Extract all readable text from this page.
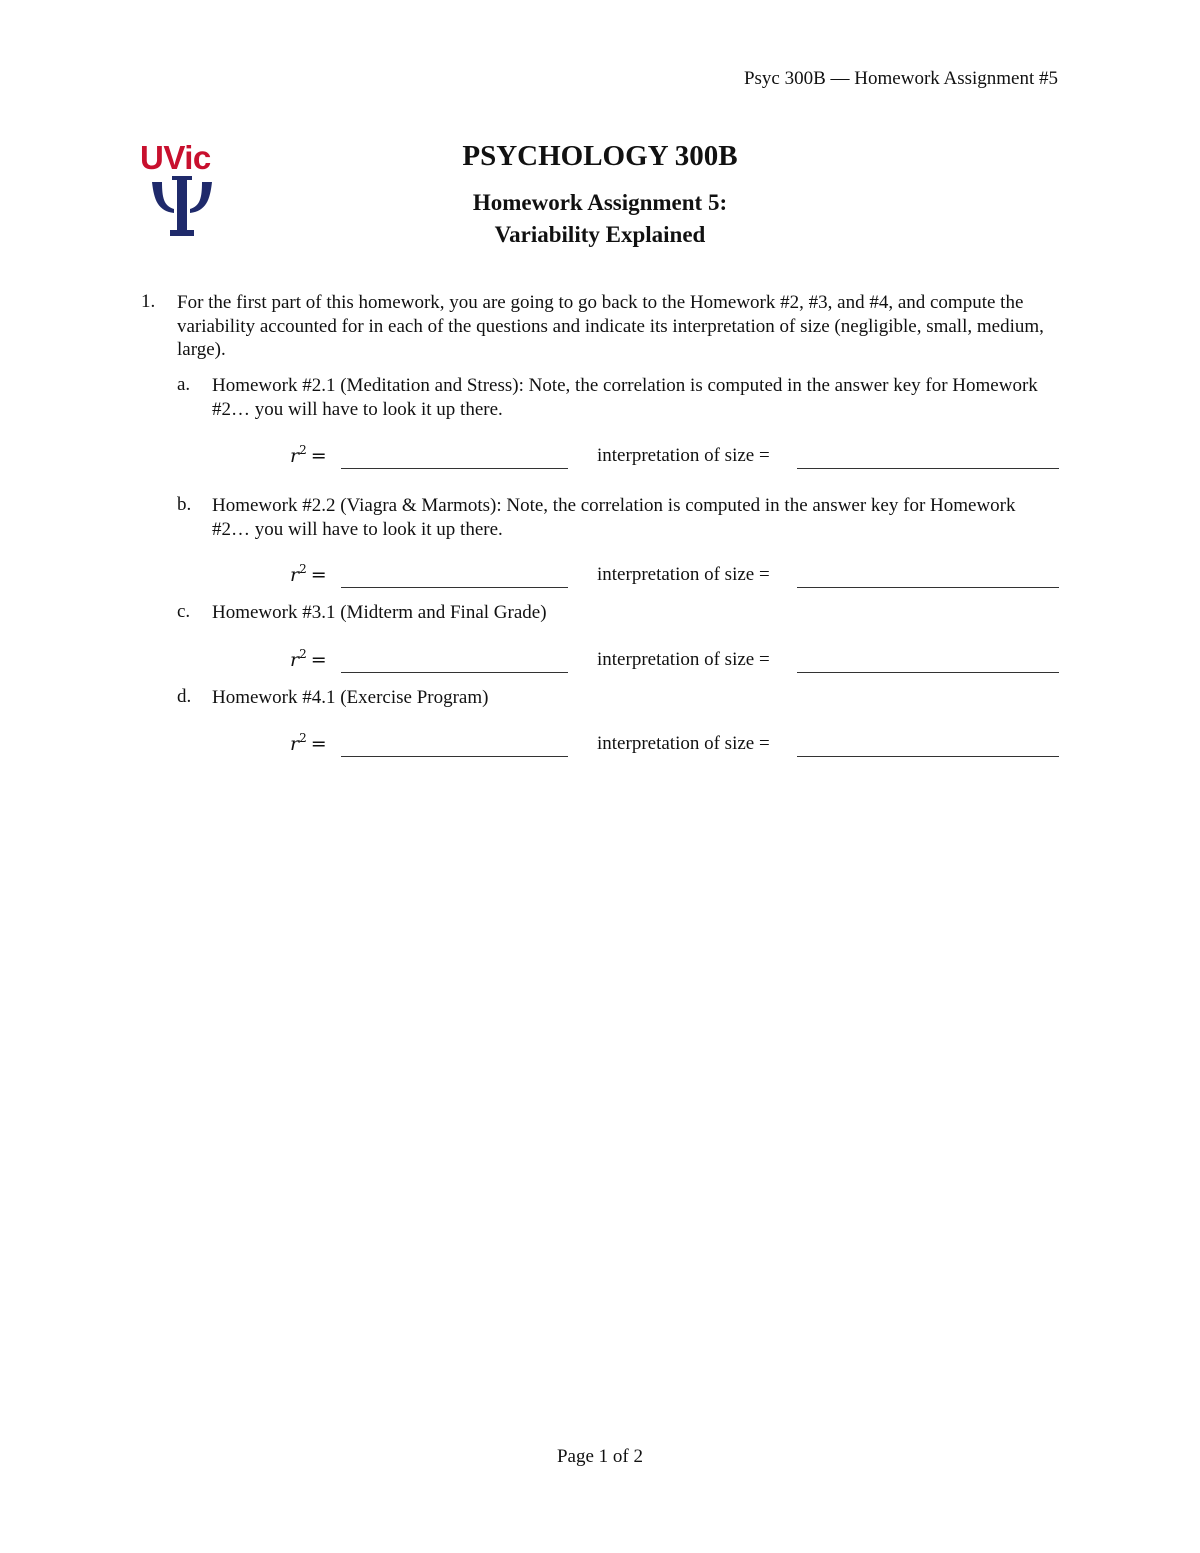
Psyc 300B — Homework Assignment #5
UVic	PSYCHOLOGY 300B
Homework Assignment 5:
Variability Explained
1. For the first part of this homework, you are going to go back to the Homework #2, #3, and #4, and compute the variability accounted for in each of the questions and indicate its interpretation of size (negligible, small, medium, large).
a. Homework #2.1 (Meditation and Stress): Note, the correlation is computed in the answer key for Homework #2… you will have to look it up there.
$r^2$ =	interpretation of size =
b. Homework #2.2 (Viagra & Marmots): Note, the correlation is computed in the answer key for Homework #2… you will have to look it up there.
$r^2$ =	interpretation of size =
c. Homework #3.1 (Midterm and Final Grade)
$r^2$ =	interpretation of size =
d. Homework #4.1 (Exercise Program)
$r^2$ =	interpretation of size =
Page 1 of 2
